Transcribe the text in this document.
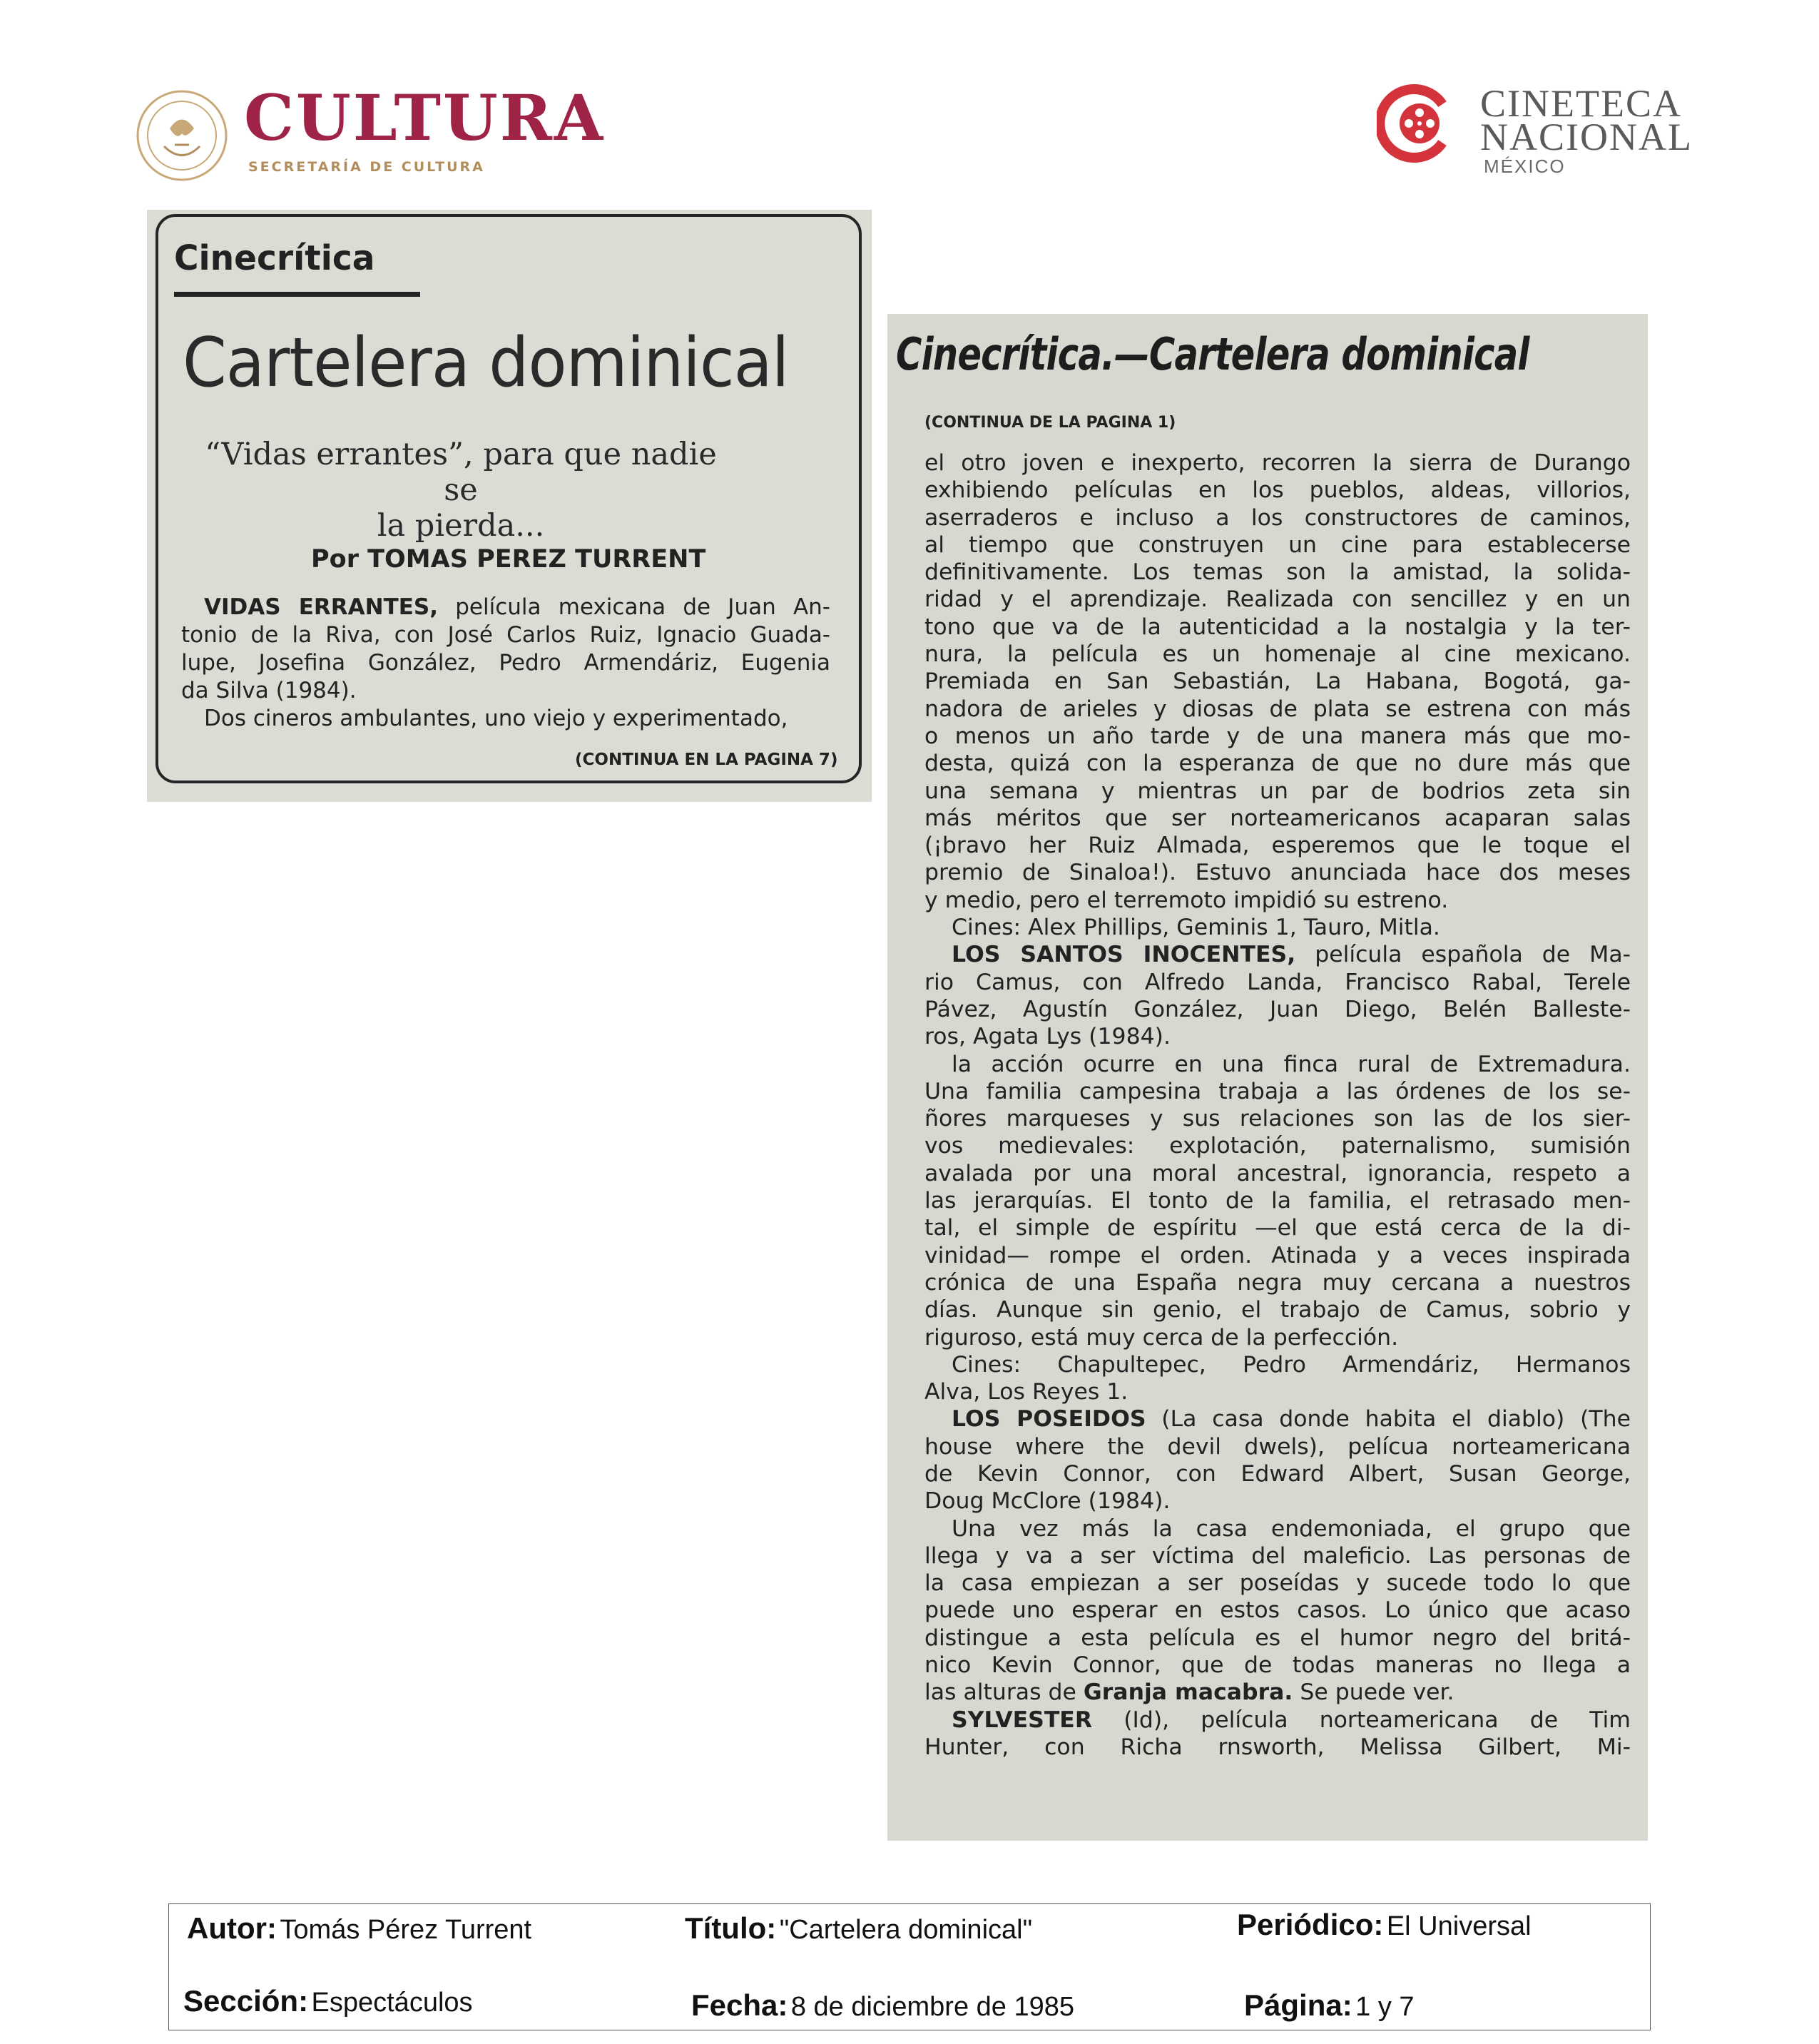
CULTURA
SECRETARÍA DE CULTURA
CINETECA
NACIONAL
MÉXICO
Cinecrítica
Cartelera dominical
“Vidas errantes”, para que nadie se
la pierda...
Por TOMAS PEREZ TURRENT
VIDAS ERRANTES, película mexicana de Juan An-
tonio de la Riva, con José Carlos Ruiz, Ignacio Guada-
lupe, Josefina González, Pedro Armendáriz, Eugenia
da Silva (1984).
Dos cineros ambulantes, uno viejo y experimentado,
(CONTINUA EN LA PAGINA 7)
Cinecrítica.—Cartelera dominical
(CONTINUA DE LA PAGINA 1)
el otro joven e inexperto, recorren la sierra de Durango
exhibiendo películas en los pueblos, aldeas, villorios,
aserraderos e incluso a los constructores de caminos,
al tiempo que construyen un cine para establecerse
definitivamente. Los temas son la amistad, la solida-
ridad y el aprendizaje. Realizada con sencillez y en un
tono que va de la autenticidad a la nostalgia y la ter-
nura, la película es un homenaje al cine mexicano.
Premiada en San Sebastián, La Habana, Bogotá, ga-
nadora de arieles y diosas de plata se estrena con más
o menos un año tarde y de una manera más que mo-
desta, quizá con la esperanza de que no dure más que
una semana y mientras un par de bodrios zeta sin
más méritos que ser norteamericanos acaparan salas
(¡bravo her Ruiz Almada, esperemos que le toque el
premio de Sinaloa!). Estuvo anunciada hace dos meses
y medio, pero el terremoto impidió su estreno.
Cines: Alex Phillips, Geminis 1, Tauro, Mitla.
LOS SANTOS INOCENTES, película española de Ma-
rio Camus, con Alfredo Landa, Francisco Rabal, Terele
Pávez, Agustín González, Juan Diego, Belén Balleste-
ros, Agata Lys (1984).
la acción ocurre en una finca rural de Extremadura.
Una familia campesina trabaja a las órdenes de los se-
ñores marqueses y sus relaciones son las de los sier-
vos medievales: explotación, paternalismo, sumisión
avalada por una moral ancestral, ignorancia, respeto a
las jerarquías. El tonto de la familia, el retrasado men-
tal, el simple de espíritu —el que está cerca de la di-
vinidad— rompe el orden. Atinada y a veces inspirada
crónica de una España negra muy cercana a nuestros
días. Aunque sin genio, el trabajo de Camus, sobrio y
riguroso, está muy cerca de la perfección.
Cines: Chapultepec, Pedro Armendáriz, Hermanos
Alva, Los Reyes 1.
LOS POSEIDOS (La casa donde habita el diablo) (The
house where the devil dwels), pelícua norteamericana
de Kevin Connor, con Edward Albert, Susan George,
Doug McClore (1984).
Una vez más la casa endemoniada, el grupo que
llega y va a ser víctima del maleficio. Las personas de
la casa empiezan a ser poseídas y sucede todo lo que
puede uno esperar en estos casos. Lo único que acaso
distingue a esta película es el humor negro del britá-
nico Kevin Connor, que de todas maneras no llega a
las alturas de Granja macabra. Se puede ver.
SYLVESTER (Id), película norteamericana de Tim
Hunter, con Richa rnsworth, Melissa Gilbert, Mi-
Autor: Tomás Pérez Turrent	Título: "Cartelera dominical"	Periódico: El Universal
Sección: Espectáculos	Fecha: 8 de diciembre de 1985	Página: 1 y 7
